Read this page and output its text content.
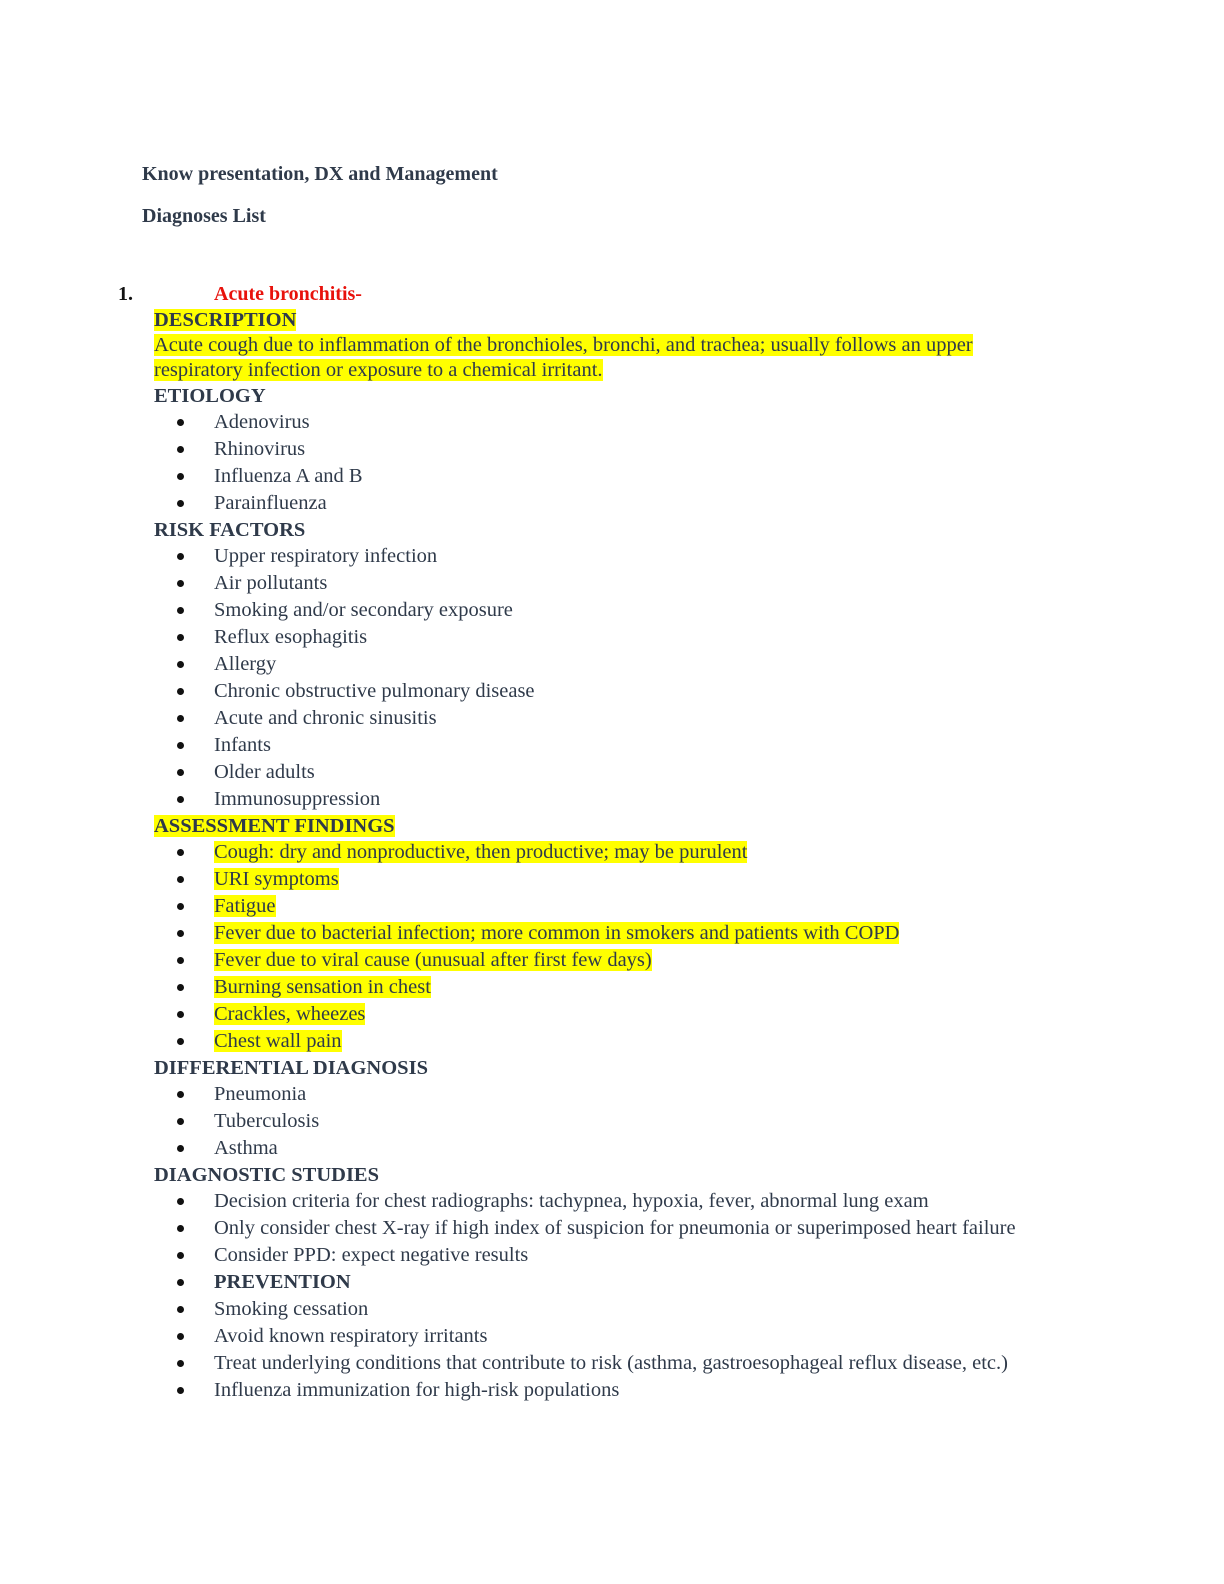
Know presentation, DX and Management
Diagnoses List
1.	Acute bronchitis-
DESCRIPTION
Acute cough due to inflammation of the bronchioles, bronchi, and trachea; usually follows an upper respiratory infection or exposure to a chemical irritant.
ETIOLOGY
Adenovirus
Rhinovirus
Influenza A and B
Parainfluenza
RISK FACTORS
Upper respiratory infection
Air pollutants
Smoking and/or secondary exposure
Reflux esophagitis
Allergy
Chronic obstructive pulmonary disease
Acute and chronic sinusitis
Infants
Older adults
Immunosuppression
ASSESSMENT FINDINGS
Cough: dry and nonproductive, then productive; may be purulent
URI symptoms
Fatigue
Fever due to bacterial infection; more common in smokers and patients with COPD
Fever due to viral cause (unusual after first few days)
Burning sensation in chest
Crackles, wheezes
Chest wall pain
DIFFERENTIAL DIAGNOSIS
Pneumonia
Tuberculosis
Asthma
DIAGNOSTIC STUDIES
Decision criteria for chest radiographs: tachypnea, hypoxia, fever, abnormal lung exam
Only consider chest X-ray if high index of suspicion for pneumonia or superimposed heart failure
Consider PPD: expect negative results
PREVENTION
Smoking cessation
Avoid known respiratory irritants
Treat underlying conditions that contribute to risk (asthma, gastroesophageal reflux disease, etc.)
Influenza immunization for high-risk populations
